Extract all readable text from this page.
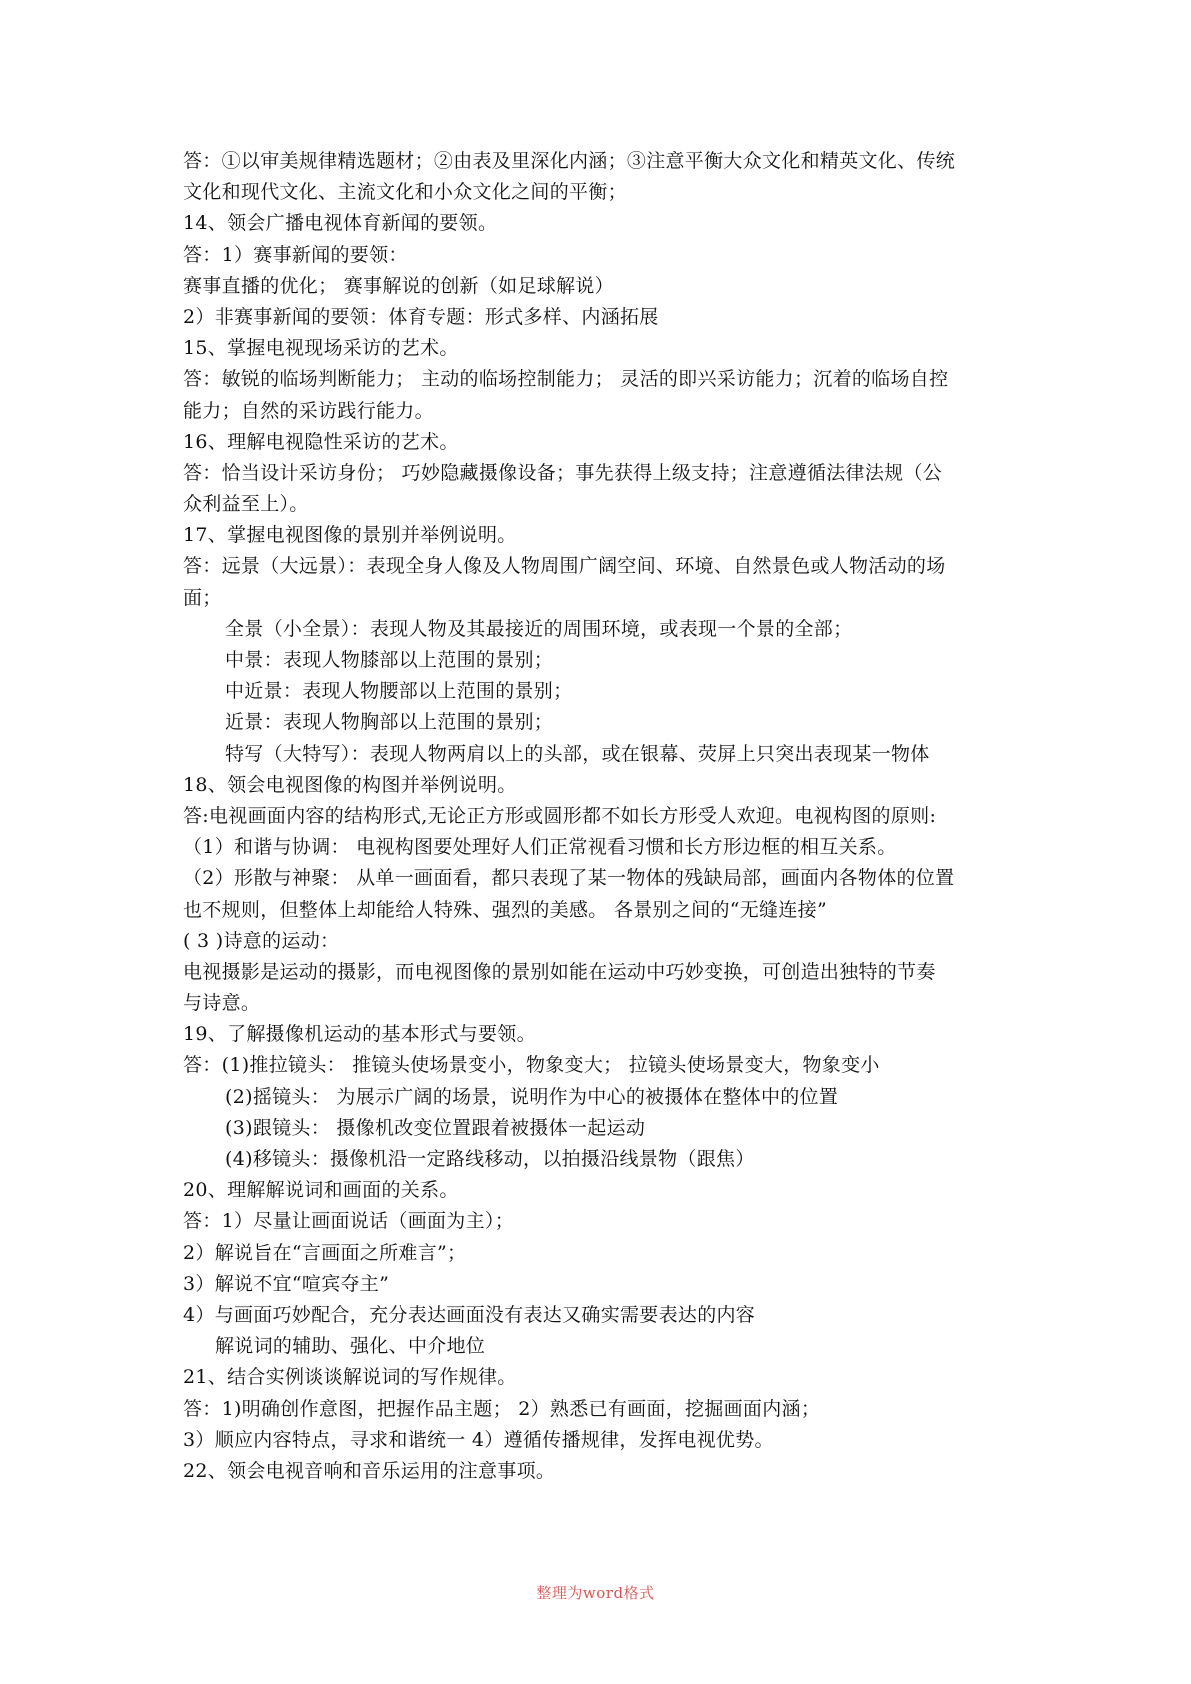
答：①以审美规律精选题材；②由表及里深化内涵；③注意平衡大众文化和精英文化、传统
文化和现代文化、主流文化和小众文化之间的平衡；
14、领会广播电视体育新闻的要领。
答：1）赛事新闻的要领：
赛事直播的优化； 赛事解说的创新（如足球解说）
2）非赛事新闻的要领：体育专题：形式多样、内涵拓展
15、掌握电视现场采访的艺术。
答：敏锐的临场判断能力； 主动的临场控制能力； 灵活的即兴采访能力；沉着的临场自控
能力；自然的采访践行能力。
16、理解电视隐性采访的艺术。
答：恰当设计采访身份； 巧妙隐藏摄像设备；事先获得上级支持；注意遵循法律法规（公
众利益至上）。
17、掌握电视图像的景别并举例说明。
答：远景（大远景）：表现全身人像及人物周围广阔空间、环境、自然景色或人物活动的场
面；
全景（小全景）：表现人物及其最接近的周围环境，或表现一个景的全部；
中景：表现人物膝部以上范围的景别；
中近景：表现人物腰部以上范围的景别；
近景：表现人物胸部以上范围的景别；
特写（大特写）：表现人物两肩以上的头部，或在银幕、荧屏上只突出表现某一物体
18、领会电视图像的构图并举例说明。
答:电视画面内容的结构形式,无论正方形或圆形都不如长方形受人欢迎。电视构图的原则:
（1）和谐与协调： 电视构图要处理好人们正常视看习惯和长方形边框的相互关系。
（2）形散与神聚： 从单一画面看，都只表现了某一物体的残缺局部，画面内各物体的位置
也不规则，但整体上却能给人特殊、强烈的美感。 各景别之间的“无缝连接”
( 3 )诗意的运动：
电视摄影是运动的摄影，而电视图像的景别如能在运动中巧妙变换，可创造出独特的节奏
与诗意。
19、了解摄像机运动的基本形式与要领。
答：(1)推拉镜头： 推镜头使场景变小，物象变大； 拉镜头使场景变大，物象变小
(2)摇镜头： 为展示广阔的场景，说明作为中心的被摄体在整体中的位置
(3)跟镜头： 摄像机改变位置跟着被摄体一起运动
(4)移镜头：摄像机沿一定路线移动，以拍摄沿线景物（跟焦）
20、理解解说词和画面的关系。
答：1）尽量让画面说话（画面为主）；
2）解说旨在“言画面之所难言”；
3）解说不宜“喧宾夺主”
4）与画面巧妙配合，充分表达画面没有表达又确实需要表达的内容
解说词的辅助、强化、中介地位
21、结合实例谈谈解说词的写作规律。
答：1)明确创作意图，把握作品主题； 2）熟悉已有画面，挖掘画面内涵；
3）顺应内容特点，寻求和谐统一 4）遵循传播规律，发挥电视优势。
22、领会电视音响和音乐运用的注意事项。
整理为word格式
